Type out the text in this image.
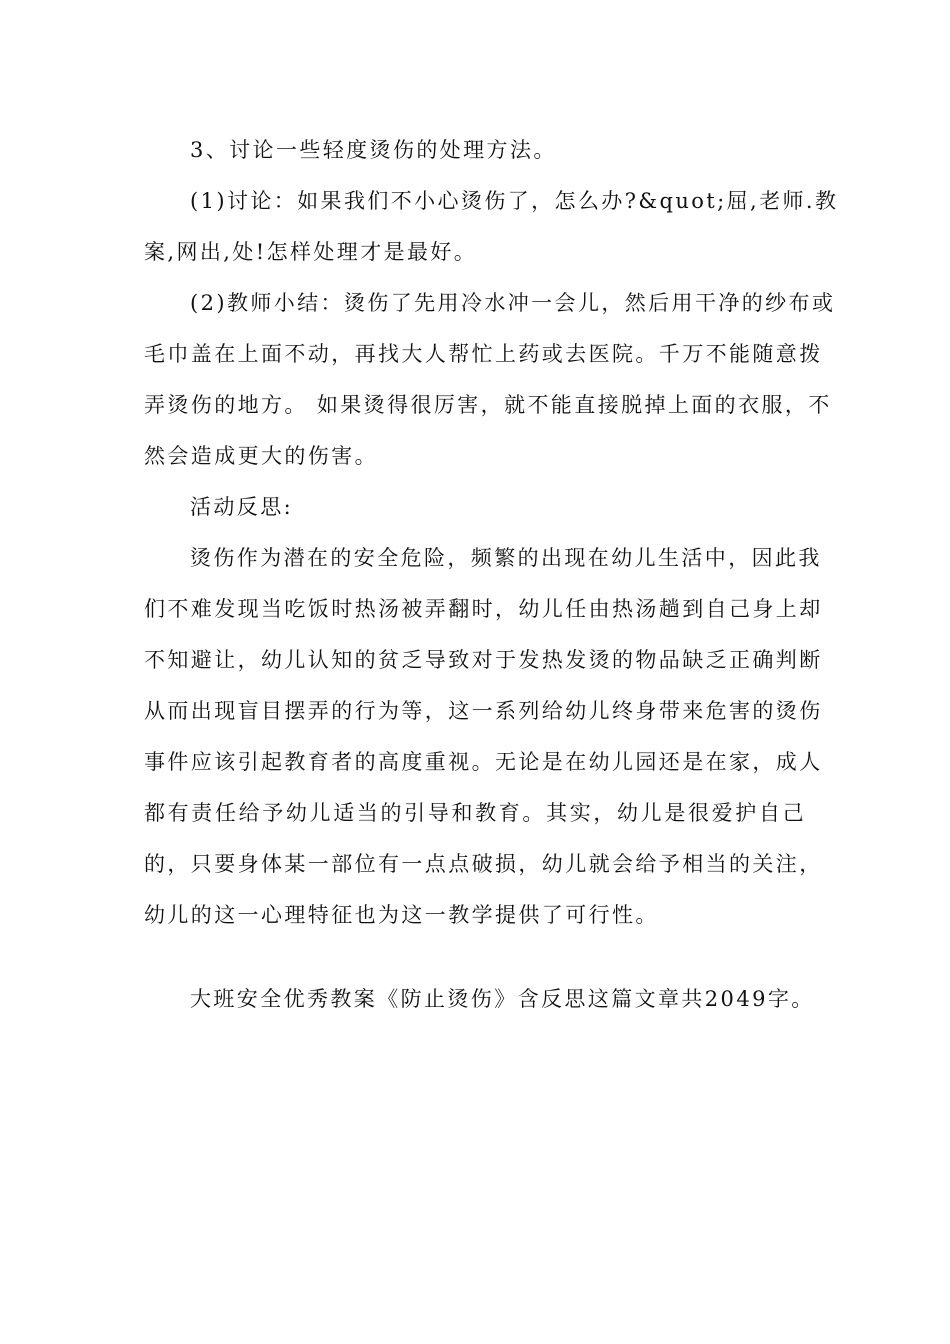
3、讨论一些轻度烫伤的处理方法。
(1)讨论：如果我们不小心烫伤了，怎么办?&quot;屈,老师.教
案,网出,处!怎样处理才是最好。
(2)教师小结：烫伤了先用冷水冲一会儿，然后用干净的纱布或
毛巾盖在上面不动，再找大人帮忙上药或去医院。千万不能随意拨
弄烫伤的地方。 如果烫得很厉害，就不能直接脱掉上面的衣服，不
然会造成更大的伤害。
活动反思:
烫伤作为潜在的安全危险，频繁的出现在幼儿生活中，因此我
们不难发现当吃饭时热汤被弄翻时，幼儿任由热汤趟到自己身上却
不知避让，幼儿认知的贫乏导致对于发热发烫的物品缺乏正确判断
从而出现盲目摆弄的行为等，这一系列给幼儿终身带来危害的烫伤
事件应该引起教育者的高度重视。无论是在幼儿园还是在家，成人
都有责任给予幼儿适当的引导和教育。其实，幼儿是很爱护自己
的，只要身体某一部位有一点点破损，幼儿就会给予相当的关注，
幼儿的这一心理特征也为这一教学提供了可行性。
大班安全优秀教案《防止烫伤》含反思这篇文章共2049字。
